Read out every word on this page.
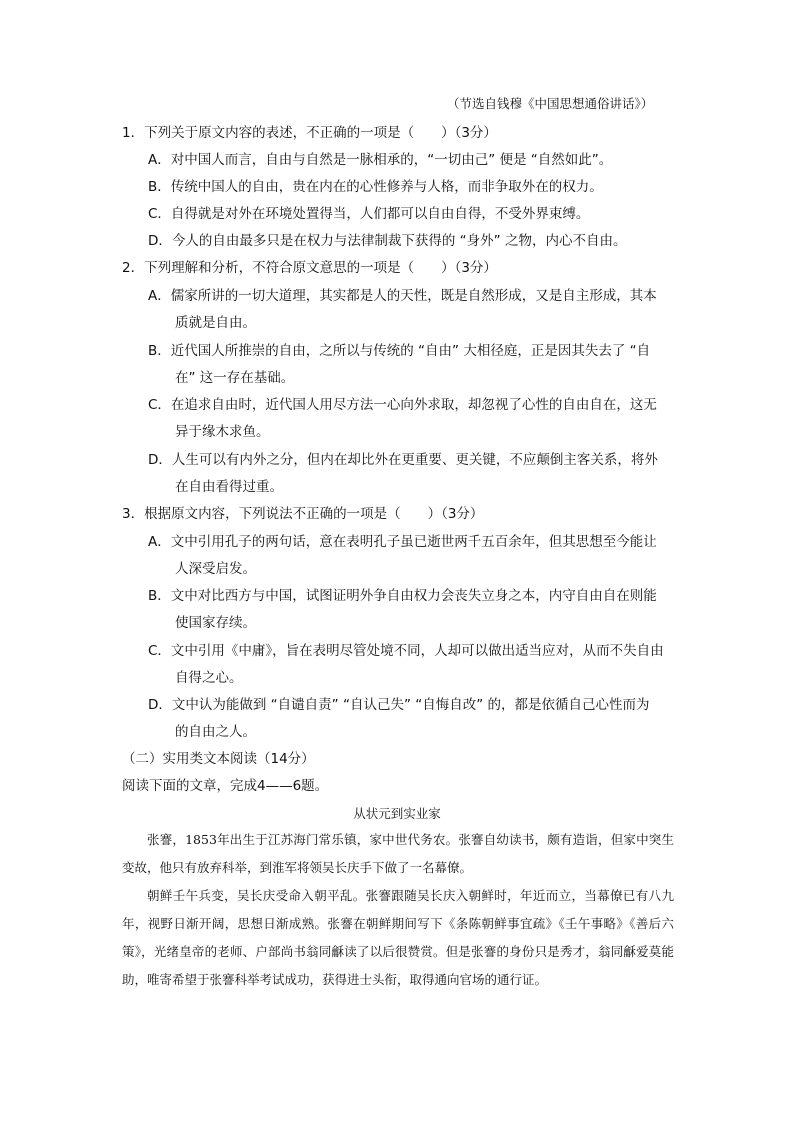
（节选自钱穆《中国思想通俗讲话》）
1．下列关于原文内容的表述，不正确的一项是（　　）（3分）
A．对中国人而言，自由与自然是一脉相承的，“一切由己” 便是 “自然如此”。
B．传统中国人的自由，贵在内在的心性修养与人格，而非争取外在的权力。
C．自得就是对外在环境处置得当，人们都可以自由自得，不受外界束缚。
D．今人的自由最多只是在权力与法律制裁下获得的 “身外” 之物，内心不自由。
2．下列理解和分析，不符合原文意思的一项是（　　）（3分）
A．儒家所讲的一切大道理，其实都是人的天性，既是自然形成，又是自主形成，其本
质就是自由。
B．近代国人所推崇的自由，之所以与传统的 “自由” 大相径庭，正是因其失去了 “自
在” 这一存在基础。
C．在追求自由时，近代国人用尽方法一心向外求取，却忽视了心性的自由自在，这无
异于缘木求鱼。
D．人生可以有内外之分，但内在却比外在更重要、更关键，不应颠倒主客关系，将外
在自由看得过重。
3．根据原文内容，下列说法不正确的一项是（　　）（3分）
A．文中引用孔子的两句话，意在表明孔子虽已逝世两千五百余年，但其思想至今能让
人深受启发。
B．文中对比西方与中国，试图证明外争自由权力会丧失立身之本，内守自由自在则能
使国家存续。
C．文中引用《中庸》，旨在表明尽管处境不同，人却可以做出适当应对，从而不失自由
自得之心。
D．文中认为能做到 “自谴自责” “自认己失” “自悔自改” 的，都是依循自己心性而为
的自由之人。
（二）实用类文本阅读（14分）
阅读下面的文章，完成4——6题。
从状元到实业家
张謇，1853年出生于江苏海门常乐镇，家中世代务农。张謇自幼读书，颇有造诣，但家中突生变故，他只有放弃科举，到淮军将领吴长庆手下做了一名幕僚。
朝鲜壬午兵变，吴长庆受命入朝平乱。张謇跟随吴长庆入朝鲜时，年近而立，当幕僚已有八九年，视野日渐开阔，思想日渐成熟。张謇在朝鲜期间写下《条陈朝鲜事宜疏》《壬午事略》《善后六策》，光绪皇帝的老师、户部尚书翁同龢读了以后很赞赏。但是张謇的身份只是秀才，翁同龢爱莫能助，唯寄希望于张謇科举考试成功，获得进士头衔，取得通向官场的通行证。
